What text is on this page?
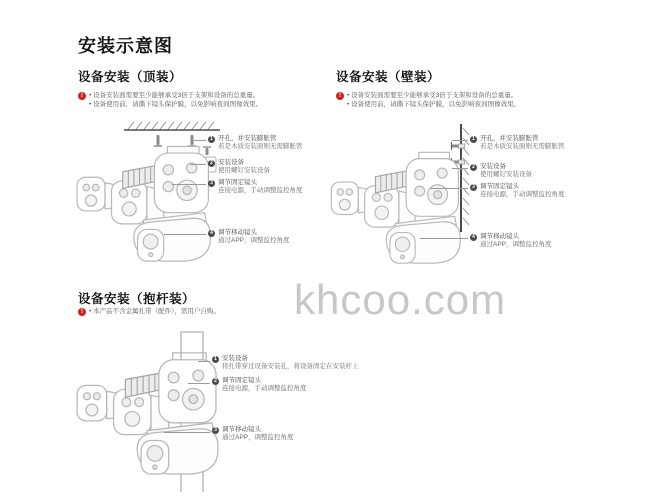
安装示意图
设备安装（顶装）
!
• 设备安装面需要至少能够承受3倍于支架和设备的总重量。
• 设备使用前，请撕下镜头保护膜，以免影响夜间图像效果。
1 开孔，并安装膨胀管
若是木质安装面则无需膨胀管
2 安装设备
使用螺钉安装设备
3 调节固定镜头
连接电源，手动调整监控角度
4 调节移动镜头
通过APP，调整监控角度
设备安装（壁装）
!
• 设备安装面需要至少能够承受3倍于支架和设备的总重量。
• 设备使用前，请撕下镜头保护膜，以免影响夜间图像效果。
1 开孔，并安装膨胀管
若是木质安装面则无需膨胀管
2 安装设备
使用螺钉安装设备
3 调节固定镜头
连接电源，手动调整监控角度
4 调节移动镜头
通过APP，调整监控角度
设备安装（抱杆装）
!
• 本产品不含金属扎带（配件），需用户自购。
1 安装设备
将扎带穿过设备安装孔，将设备固定在安装杆上
2 调节固定镜头
连接电源，手动调整监控角度
3 调节移动镜头
通过APP，调整监控角度
khcoo.com
